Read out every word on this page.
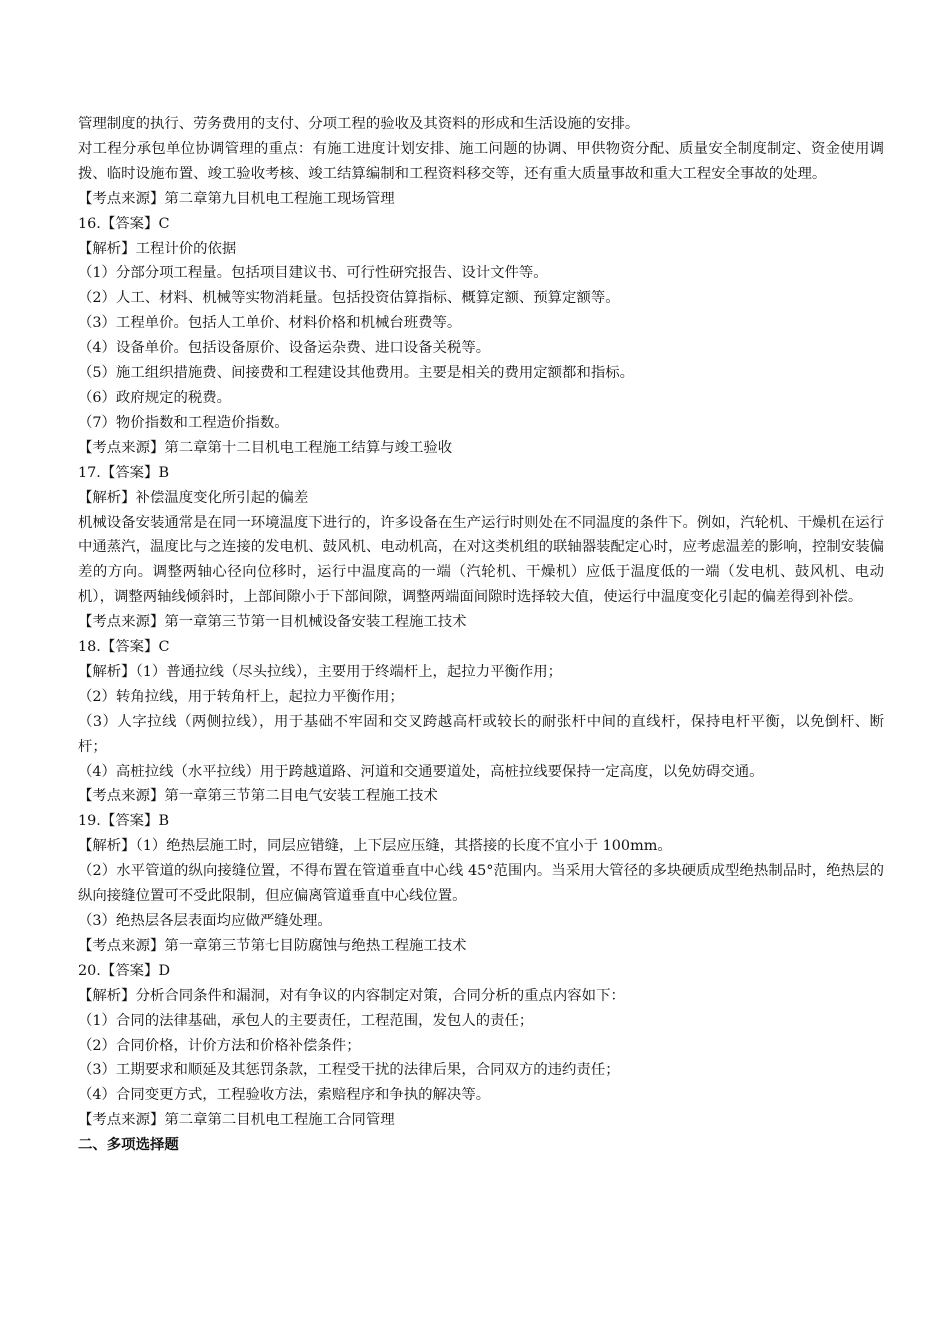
管理制度的执行、劳务费用的支付、分项工程的验收及其资料的形成和生活设施的安排。

对工程分承包单位协调管理的重点：有施工进度计划安排、施工问题的协调、甲供物资分配、质量安全制度制定、资金使用调拨、临时设施布置、竣工验收考核、竣工结算编制和工程资料移交等，还有重大质量事故和重大工程安全事故的处理。

【考点来源】第二章第九目机电工程施工现场管理

16.【答案】C

【解析】工程计价的依据

（1）分部分项工程量。包括项目建议书、可行性研究报告、设计文件等。

（2）人工、材料、机械等实物消耗量。包括投资估算指标、概算定额、预算定额等。

（3）工程单价。包括人工单价、材料价格和机械台班费等。

（4）设备单价。包括设备原价、设备运杂费、进口设备关税等。

（5）施工组织措施费、间接费和工程建设其他费用。主要是相关的费用定额都和指标。

（6）政府规定的税费。

（7）物价指数和工程造价指数。

【考点来源】第二章第十二目机电工程施工结算与竣工验收

17.【答案】B

【解析】补偿温度变化所引起的偏差

机械设备安装通常是在同一环境温度下进行的，许多设备在生产运行时则处在不同温度的条件下。例如，汽轮机、干燥机在运行中通蒸汽，温度比与之连接的发电机、鼓风机、电动机高，在对这类机组的联轴器装配定心时，应考虑温差的影响，控制安装偏差的方向。调整两轴心径向位移时，运行中温度高的一端（汽轮机、干燥机）应低于温度低的一端（发电机、鼓风机、电动机），调整两轴线倾斜时，上部间隙小于下部间隙，调整两端面间隙时选择较大值，使运行中温度变化引起的偏差得到补偿。

【考点来源】第一章第三节第一目机械设备安装工程施工技术

18.【答案】C

【解析】（1）普通拉线（尽头拉线），主要用于终端杆上，起拉力平衡作用；

（2）转角拉线，用于转角杆上，起拉力平衡作用；

（3）人字拉线（两侧拉线），用于基础不牢固和交叉跨越高杆或较长的耐张杆中间的直线杆，保持电杆平衡，以免倒杆、断杆；

（4）高桩拉线（水平拉线）用于跨越道路、河道和交通要道处，高桩拉线要保持一定高度，以免妨碍交通。

【考点来源】第一章第三节第二目电气安装工程施工技术

19.【答案】B

【解析】（1）绝热层施工时，同层应错缝，上下层应压缝，其搭接的长度不宜小于 100mm。

（2）水平管道的纵向接缝位置，不得布置在管道垂直中心线 45°范围内。当采用大管径的多块硬质成型绝热制品时，绝热层的纵向接缝位置可不受此限制，但应偏离管道垂直中心线位置。

（3）绝热层各层表面均应做严缝处理。

【考点来源】第一章第三节第七目防腐蚀与绝热工程施工技术

20.【答案】D

【解析】分析合同条件和漏洞，对有争议的内容制定对策，合同分析的重点内容如下：

（1）合同的法律基础，承包人的主要责任，工程范围，发包人的责任；

（2）合同价格，计价方法和价格补偿条件；

（3）工期要求和顺延及其惩罚条款，工程受干扰的法律后果，合同双方的违约责任；

（4）合同变更方式，工程验收方法，索赔程序和争执的解决等。

【考点来源】第二章第二目机电工程施工合同管理

二、多项选择题
